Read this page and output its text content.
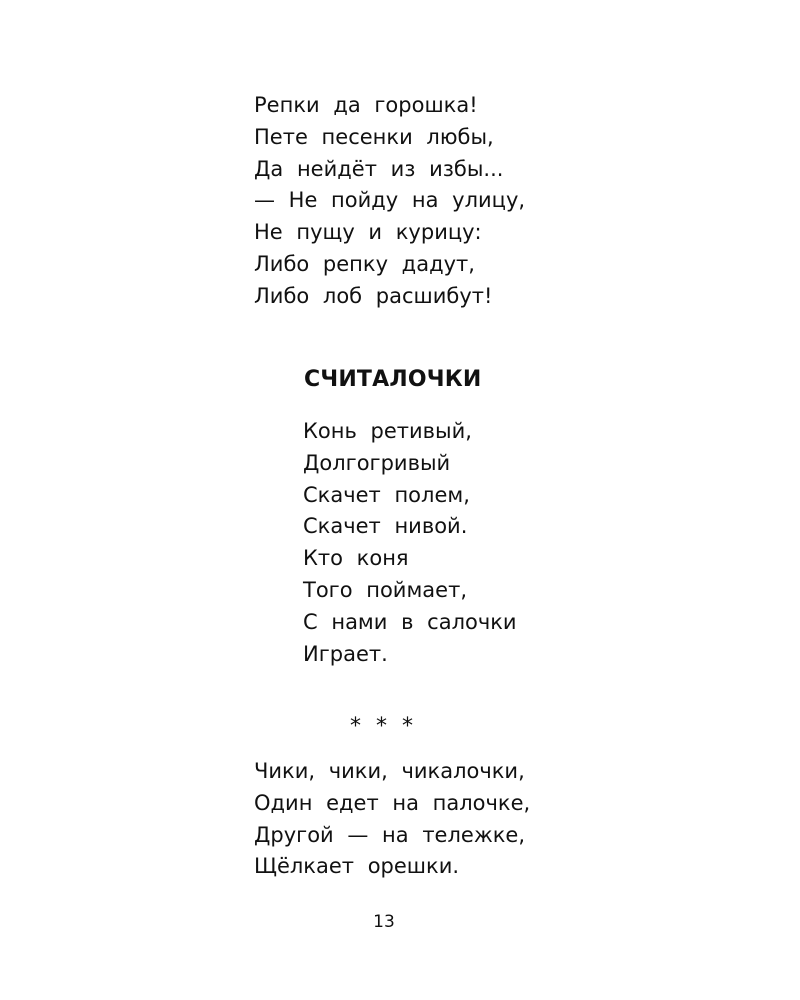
Репки да горошка!
Пете песенки любы,
Да нейдёт из избы...
— Не пойду на улицу,
Не пущу и курицу:
Либо репку дадут,
Либо лоб расшибут!
СЧИТАЛОЧКИ
Конь ретивый,
Долгогривый
Скачет полем,
Скачет нивой.
Кто коня
Того поймает,
С нами в салочки
Играет.
* * *
Чики, чики, чикалочки,
Один едет на палочке,
Другой — на тележке,
Щёлкает орешки.
13
